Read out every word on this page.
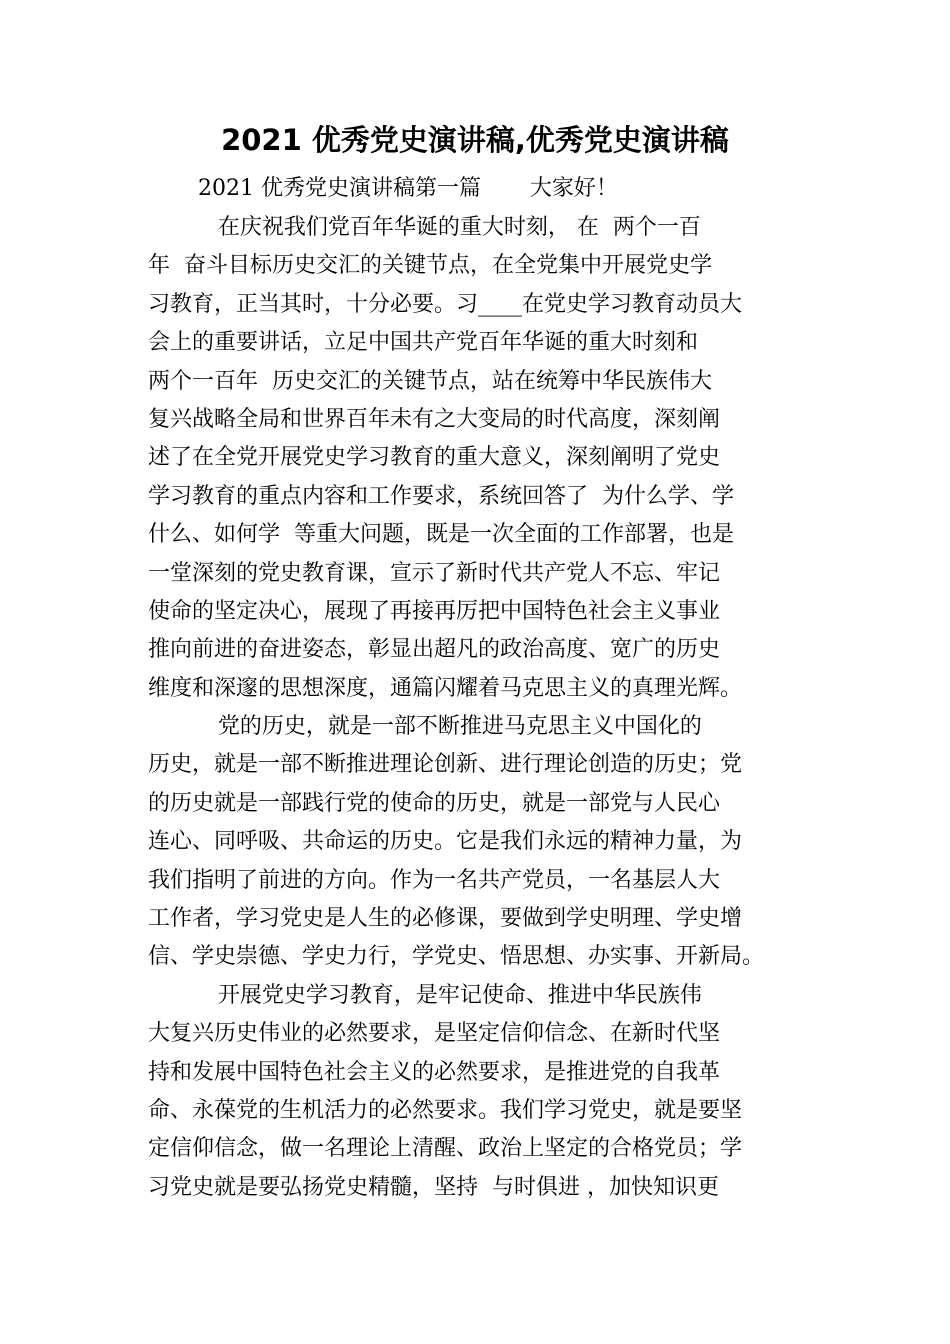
2021 优秀党史演讲稿,优秀党史演讲稿
2021 优秀党史演讲稿第一篇       大家好！
在庆祝我们党百年华诞的重大时刻， 在  两个一百
年  奋斗目标历史交汇的关键节点，在全党集中开展党史学
习教育，正当其时，十分必要。习____在党史学习教育动员大
会上的重要讲话，立足中国共产党百年华诞的重大时刻和
两个一百年  历史交汇的关键节点，站在统筹中华民族伟大
复兴战略全局和世界百年未有之大变局的时代高度，深刻阐
述了在全党开展党史学习教育的重大意义，深刻阐明了党史
学习教育的重点内容和工作要求，系统回答了  为什么学、学
什么、如何学  等重大问题，既是一次全面的工作部署，也是
一堂深刻的党史教育课，宣示了新时代共产党人不忘、牢记
使命的坚定决心，展现了再接再厉把中国特色社会主义事业
推向前进的奋进姿态，彰显出超凡的政治高度、宽广的历史
维度和深邃的思想深度，通篇闪耀着马克思主义的真理光辉。
党的历史，就是一部不断推进马克思主义中国化的
历史，就是一部不断推进理论创新、进行理论创造的历史；党
的历史就是一部践行党的使命的历史，就是一部党与人民心
连心、同呼吸、共命运的历史。它是我们永远的精神力量，为
我们指明了前进的方向。作为一名共产党员，一名基层人大
工作者，学习党史是人生的必修课，要做到学史明理、学史增
信、学史崇德、学史力行，学党史、悟思想、办实事、开新局。
开展党史学习教育，是牢记使命、推进中华民族伟
大复兴历史伟业的必然要求，是坚定信仰信念、在新时代坚
持和发展中国特色社会主义的必然要求，是推进党的自我革
命、永葆党的生机活力的必然要求。我们学习党史，就是要坚
定信仰信念，做一名理论上清醒、政治上坚定的合格党员；学
习党史就是要弘扬党史精髓，坚持  与时俱进 ，加快知识更
